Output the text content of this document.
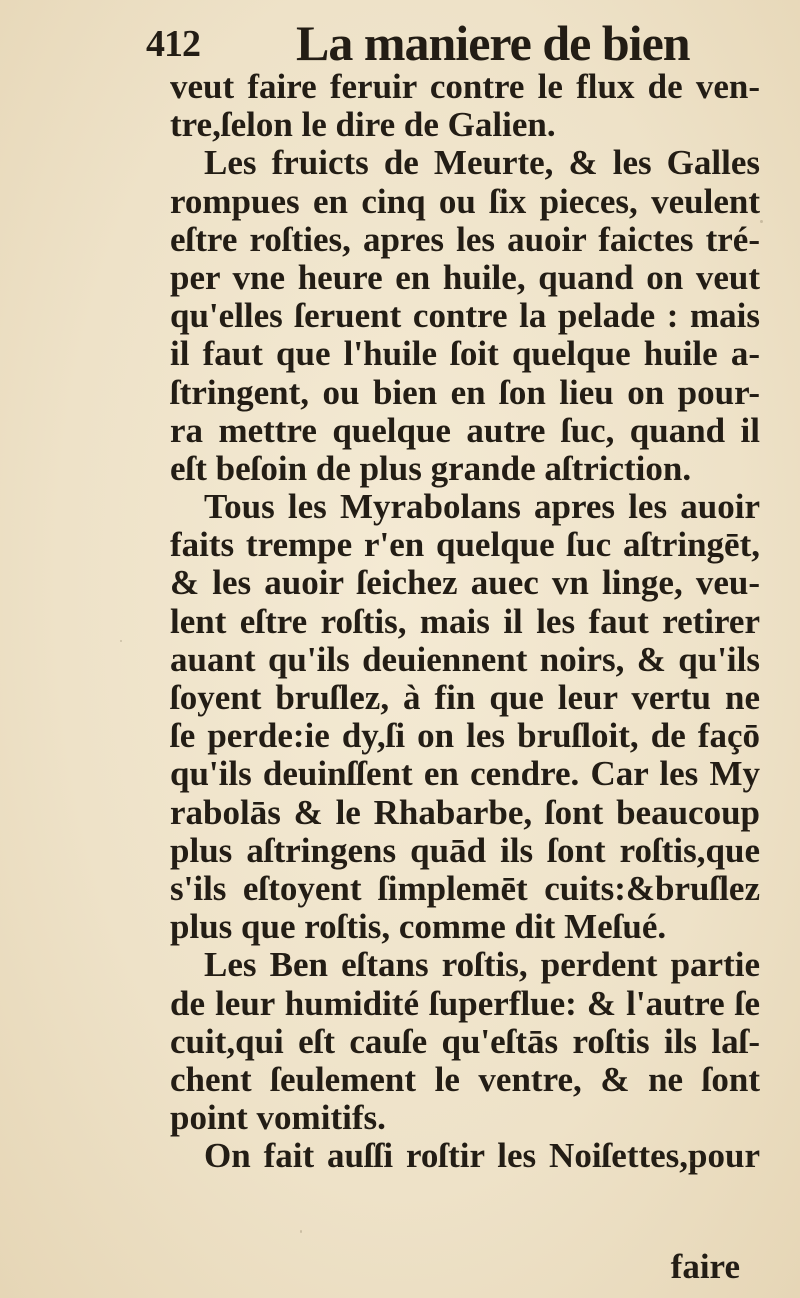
412 La maniere de bien
veut faire feruir contre le flux de ven-
tre,ſelon le dire de Galien.
Les fruicts de Meurte, & les Galles
rompues en cinq ou ſix pieces, veulent
eſtre roſties, apres les auoir faictes tré-
per vne heure en huile, quand on veut
qu'elles ſeruent contre la pelade : mais
il faut que l'huile ſoit quelque huile a-
ſtringent, ou bien en ſon lieu on pour-
ra mettre quelque autre ſuc, quand il
eſt beſoin de plus grande aſtriction.
Tous les Myrabolans apres les auoir
faits trempe r'en quelque ſuc aſtringēt,
& les auoir ſeichez auec vn linge, veu-
lent eſtre roſtis, mais il les faut retirer
auant qu'ils deuiennent noirs, & qu'ils
ſoyent bruſlez, à fin que leur vertu ne
ſe perde:ie dy,ſi on les bruſloit, de façō
qu'ils deuinſſent en cendre. Car les My
rabolās & le Rhabarbe, ſont beaucoup
plus aſtringens quād ils ſont roſtis,que
s'ils eſtoyent ſimplemēt cuits:&bruſlez
plus que roſtis, comme dit Meſué.
Les Ben eſtans roſtis, perdent partie
de leur humidité ſuperflue: & l'autre ſe
cuit,qui eſt cauſe qu'eſtās roſtis ils laſ-
chent ſeulement le ventre, & ne ſont
point vomitifs.
On fait auſſi roſtir les Noiſettes,pour
faire
